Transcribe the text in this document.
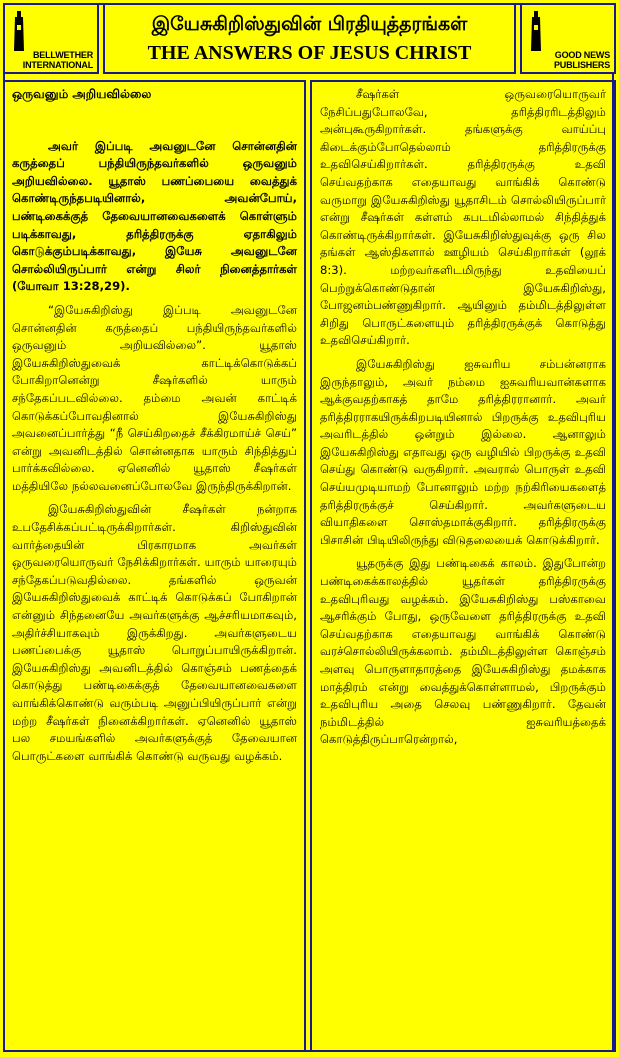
BELLWETHER
INTERNATIONAL
இயேசுகிறிஸ்துவின் பிரதியுத்தரங்கள்
THE ANSWERS OF JESUS CHRIST	GOOD NEWS
PUBLISHERS
ஒருவனும் அறியவில்லை

அவர் இப்படி அவனுடனே சொன்னதின் கருத்தைப் பந்தியிருந்தவர்களில் ஒருவனும் அறியவில்லை. யூதாஸ் பணப்பையை வைத்துக் கொண்டிருந்தபடியினால், அவன்போய், பண்டிகைக்குத் தேவையானவைகளைக் கொள்ளும் படிக்காவது, தரித்திரருக்கு ஏதாகிலும் கொடுக்கும்படிக்காவது, இயேசு அவனுடனே சொல்லியிருப்பார் என்று சிலர் நினைத்தார்கள் (யோவா 13:28,29).

“இயேசுகிறிஸ்து இப்படி அவனுடனே சொன்னதின் கருத்தைப் பந்தியிருந்தவர்களில் ஒருவனும் அறியவில்லை”. யூதாஸ் இயேசுகிறிஸ்துவைக் காட்டிக்கொடுக்கப் போகிறானென்று சீஷர்களில் யாரும் சந்தேகப்படவில்லை. தம்மை அவன் காட்டிக் கொடுக்கப்போவதினால் இயேசுகிறிஸ்து அவனைப்பார்த்து “நீ செய்கிறதைச் சீக்கிரமாய்ச் செய்” என்று அவனிடத்தில் சொன்னதாக யாரும் சிந்தித்துப் பார்க்கவில்லை. ஏனெனில் யூதாஸ் சீஷர்கள் மத்தியிலே நல்லவனைப்போலவே இருந்திருக்கிறான்.

இயேசுகிறிஸ்துவின் சீஷர்கள் நன்றாக உபதேசிக்கப்பட்டிருக்கிறார்கள். கிறிஸ்துவின் வார்த்தையின் பிரகாரமாக அவர்கள் ஒருவரையொருவர் நேசிக்கிறார்கள். யாரும் யாரையும் சந்தேகப்படுவதில்லை. தங்களில் ஒருவன் இயேசுகிறிஸ்துவைக் காட்டிக் கொடுக்கப் போகிறான் என்னும் சிந்தனையே அவர்களுக்கு ஆச்சரியமாகவும், அதிர்ச்சியாகவும் இருக்கிறது. அவர்களுடைய பணப்பைக்கு யூதாஸ் பொறுப்பாயிருக்கிறான். இயேசுகிறிஸ்து அவனிடத்தில் கொஞ்சம் பணத்தைக் கொடுத்து பண்டிகைக்குத் தேவையானவைகளை வாங்கிக்கொண்டு வரும்படி அனுப்பியிருப்பார் என்று மற்ற சீஷர்கள் நினைக்கிறார்கள். ஏனெனில் யூதாஸ் பல சமயங்களில் அவர்களுக்குத் தேவையான பொருட்களை வாங்கிக் கொண்டு வருவது வழக்கம்.

சீஷர்கள் ஒருவரையொருவர் நேசிப்பதுபோலவே, தரித்திரரிடத்திலும் அன்புகூருகிறார்கள். தங்களுக்கு வாய்ப்பு கிடைக்கும்போதெல்லாம் தரித்திரருக்கு உதவிசெய்கிறார்கள். தரித்திரருக்கு உதவி செய்வதற்காக எதையாவது வாங்கிக் கொண்டு வருமாறு இயேசுகிறிஸ்து யூதாசிடம் சொல்லியிருப்பார் என்று சீஷர்கள் கள்ளம் கபடமில்லாமல் சிந்தித்துக் கொண்டிருக்கிறார்கள். இயேசுகிறிஸ்துவுக்கு ஒரு சில தங்கள் ஆஸ்திகளால் ஊழியம் செய்கிறார்கள் (லூக் 8:3). மற்றவர்களிடமிருந்து உதவியைப் பெற்றுக்கொண்டுதான் இயேசுகிறிஸ்து, போஜனம்பண்ணுகிறார். ஆயினும் தம்மிடத்திலுள்ள சிறிது பொருட்களையும் தரித்திரருக்குக் கொடுத்து உதவிசெய்கிறார்.

இயேசுகிறிஸ்து ஐசுவரிய சம்பன்னராக இருந்தாலும், அவர் நம்மை ஐசுவரியவான்களாக ஆக்குவதற்காகத் தாமே தரித்திரரானார். அவர் தரித்திரராகயிருக்கிறபடியினால் பிறருக்கு உதவிபுரிய அவரிடத்தில் ஒன்றும் இல்லை. ஆனாலும் இயேசுகிறிஸ்து எதாவது ஒரு வழியில் பிறருக்கு உதவி செய்து கொண்டு வருகிறார். அவரால் பொருள் உதவி செய்யமுடியாமற் போனாலும் மற்ற நற்கிரியைகளைத் தரித்திரருக்குச் செய்கிறார். அவர்களுடைய வியாதிகளை சொஸ்தமாக்குகிறார். தரித்திரருக்கு பிசாசின் பிடியிலிருந்து விடுதலையைக் கொடுக்கிறார்.

யூதருக்கு இது பண்டிகைக் காலம். இதுபோன்ற பண்டிகைக்காலத்தில் யூதர்கள் தரித்திரருக்கு உதவிபுரிவது வழக்கம். இயேசுகிறிஸ்து பஸ்காவை ஆசரிக்கும் போது, ஒருவேளை தரித்திரருக்கு உதவி செய்வதற்காக எதையாவது வாங்கிக் கொண்டு வரச்சொல்லியிருக்கலாம். தம்மிடத்திலுள்ள கொஞ்சம் அளவு பொருளாதாரத்தை இயேசுகிறிஸ்து தமக்காக மாத்திரம் என்று வைத்துக்கொள்ளாமல், பிறருக்கும் உதவிபுரிய அதை செலவு பண்ணுகிறார். தேவன் நம்மிடத்தில் ஐசுவரியத்தைக் கொடுத்திருப்பாரென்றால்,
